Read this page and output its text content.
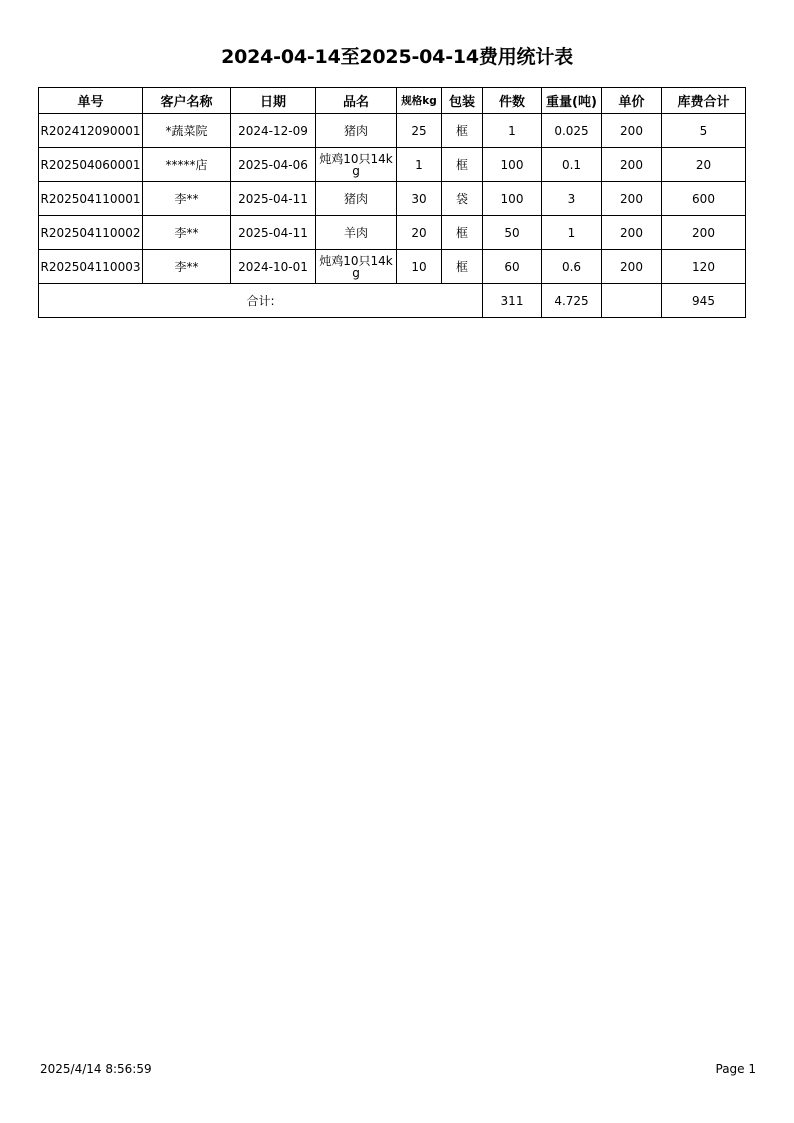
2024-04-14至2025-04-14费用统计表
单号	客户名称	日期	品名	规格kg	包装	件数	重量(吨)	单价	库费合计
R202412090001	*蔬菜院	2024-12-09	猪肉	25	框	1	0.025	200	5
R202504060001	*****店	2025-04-06	炖鸡10只14kg	1	框	100	0.1	200	20
R202504110001	李**	2025-04-11	猪肉	30	袋	100	3	200	600
R202504110002	李**	2025-04-11	羊肉	20	框	50	1	200	200
R202504110003	李**	2024-10-01	炖鸡10只14kg	10	框	60	0.6	200	120
合计:						311	4.725		945
2025/4/14 8:56:59	Page 1
